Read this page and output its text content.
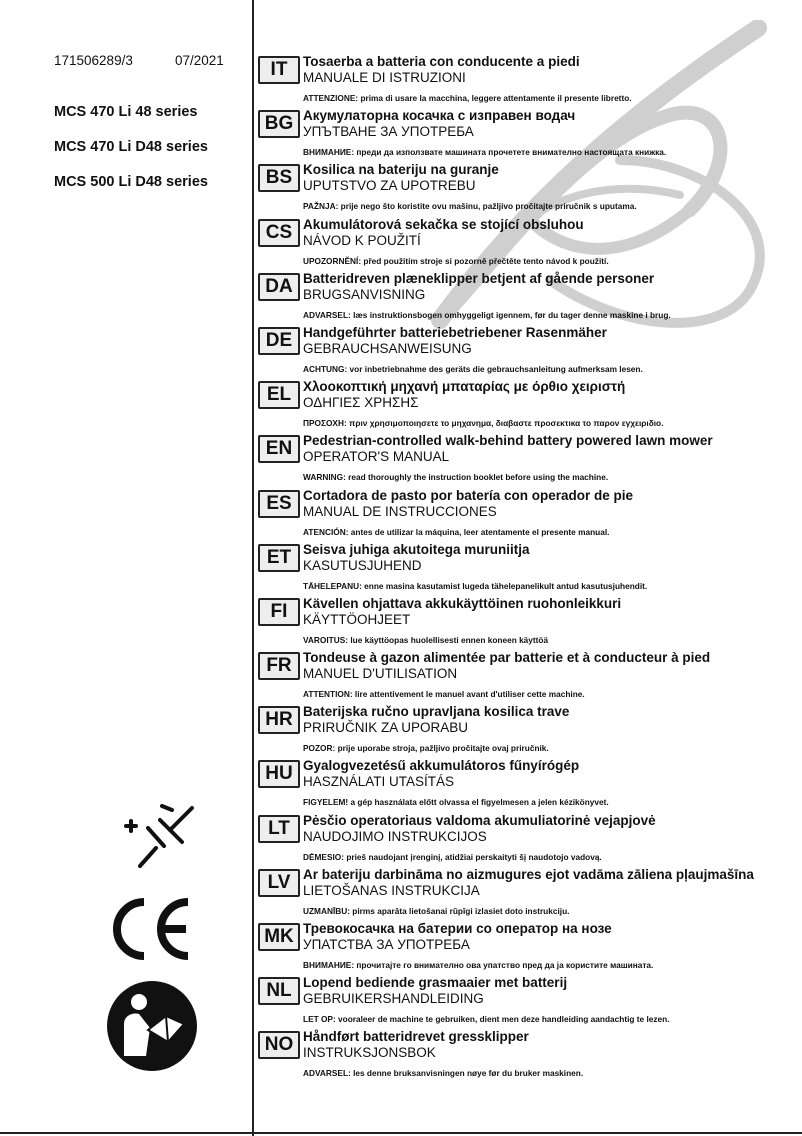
171506289/3	07/2021
MCS 470 Li 48 series
MCS 470 Li D48 series
MCS 500 Li D48 series
IT	Tosaerba a batteria con conducente a piedi
MANUALE DI ISTRUZIONI
ATTENZIONE: prima di usare la macchina, leggere attentamente il presente libretto.
BG Акумулаторна косачка с изправен водач
УПЪТВАНЕ ЗА УПОТРЕБА
ВНИМАНИЕ: преди да използвате машината прочетете внимателно настоящата книжка.
BS Kosilica na bateriju na guranje
UPUTSTVO ZA UPOTREBU
PAŽNJA: prije nego što koristite ovu mašinu, pažljivo pročitajte priručnik s uputama.
CS Akumulátorová sekačka se stojící obsluhou
NÁVOD K POUŽITÍ
UPOZORNĚNÍ: před použitím stroje si pozorně přečtěte tento návod k použití.
DA Batteridreven plæneklipper betjent af gående personer
BRUGSANVISNING
ADVARSEL: læs instruktionsbogen omhyggeligt igennem, før du tager denne maskine i brug.
DE Handgeführter batteriebetriebener Rasenmäher
GEBRAUCHSANWEISUNG
ACHTUNG: vor inbetriebnahme des geräts die gebrauchsanleitung aufmerksam lesen.
EL Χλοοκοπτική μηχανή μπαταρίας με όρθιο χειριστή
ΟΔΗΓΙΕΣ ΧΡΗΣΗΣ
ΠΡΟΣΟΧΗ: πριν χρησιμοποιησετε το μηχανημα, διαβαστε προσεκτικα το παρον εγχειριδιο.
EN Pedestrian-controlled walk-behind battery powered lawn mower
OPERATOR'S MANUAL
WARNING: read thoroughly the instruction booklet before using the machine.
ES Cortadora de pasto por batería con operador de pie
MANUAL DE INSTRUCCIONES
ATENCIÓN: antes de utilizar la máquina, leer atentamente el presente manual.
ET Seisva juhiga akutoitega muruniitja
KASUTUSJUHEND
TÄHELEPANU: enne masina kasutamist lugeda tähelepanelikult antud kasutusjuhendit.
FI	Kävellen ohjattava akkukäyttöinen ruohonleikkuri
KÄYTTÖOHJEET
VAROITUS: lue käyttöopas huolellisesti ennen koneen käyttöä
FR Tondeuse à gazon alimentée par batterie et à conducteur à pied
MANUEL D'UTILISATION
ATTENTION: lire attentivement le manuel avant d'utiliser cette machine.
HR Baterijska ručno upravljana kosilica trave
PRIRUČNIK ZA UPORABU
POZOR: prije uporabe stroja, pažljivo pročitajte ovaj priručnik.
HU Gyalogvezetésű akkumulátoros fűnyírógép
HASZNÁLATI UTASÍTÁS
FIGYELEM! a gép használata előtt olvassa el figyelmesen a jelen kézikönyvet.
LT Pėsčio operatoriaus valdoma akumuliatorinė vejapjovė
NAUDOJIMO INSTRUKCIJOS
DĖMESIO: prieš naudojant įrenginį, atidžiai perskaityti šį naudotojo vadovą.
LV Ar bateriju darbināma no aizmugures ejot vadāma zāliena pļaujmašīna
LIETOŠANAS INSTRUKCIJA
UZMANĪBU: pirms aparāta lietošanai rūpīgi izlasiet doto instrukciju.
MK Тревокосачка на батерии со оператор на нозе
УПАТСТВА ЗА УПОТРЕБА
ВНИМАНИЕ: прочитајте го внимателно ова упатство пред да ја користите машината.
NL Lopend bediende grasmaaier met batterij
GEBRUIKERSHANDLEIDING
LET OP: vooraleer de machine te gebruiken, dient men deze handleiding aandachtig te lezen.
NO Håndført batteridrevet gressklipper
INSTRUKSJONSBOK
ADVARSEL: les denne bruksanvisningen nøye før du bruker maskinen.
